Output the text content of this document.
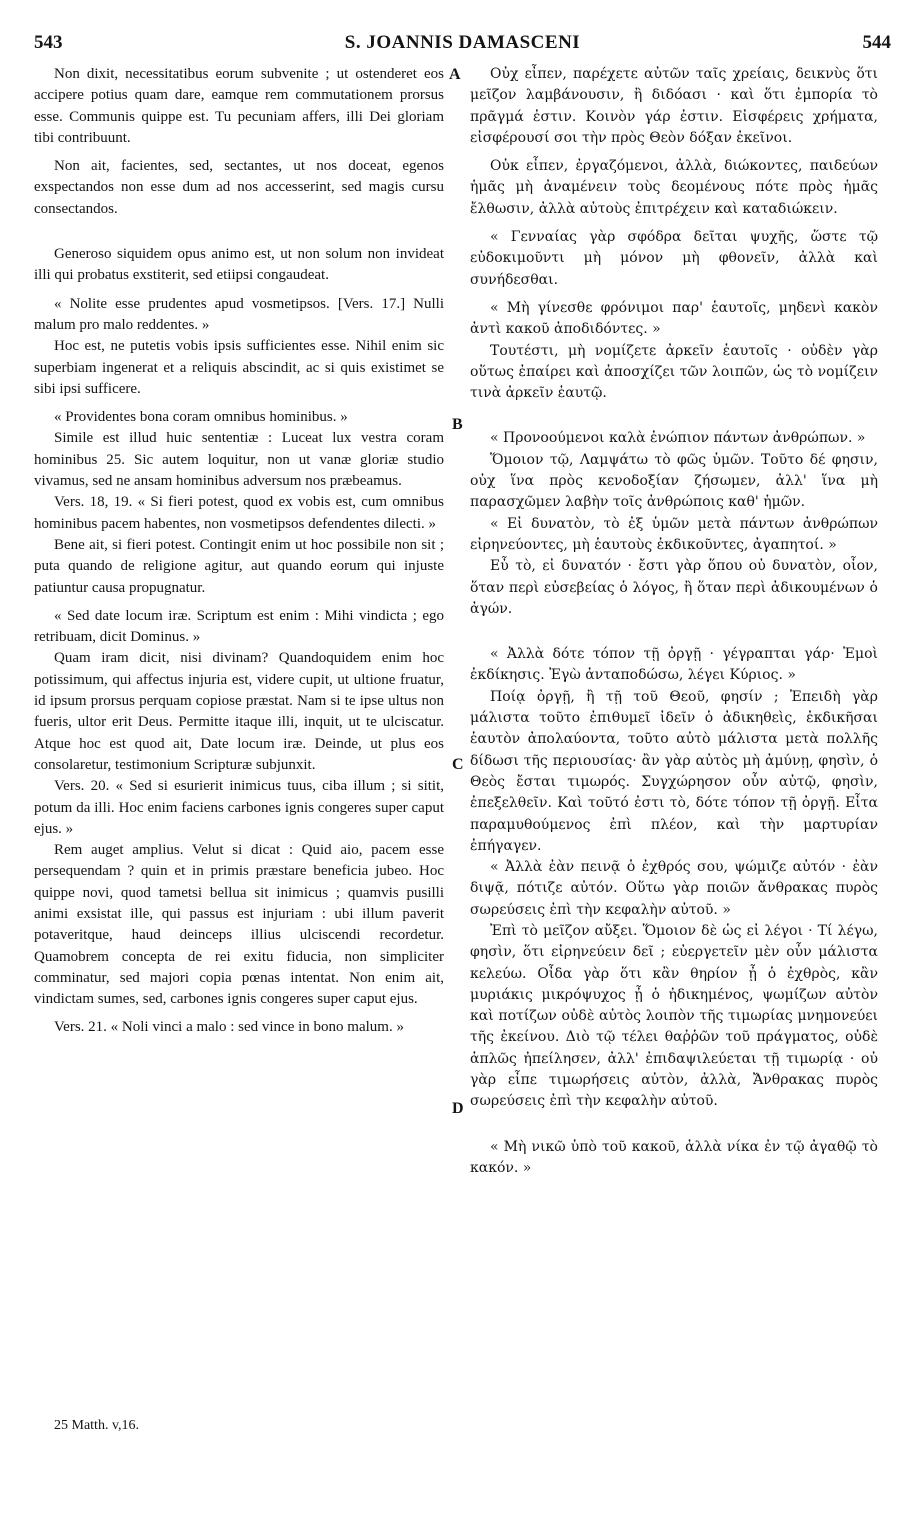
543	S. JOANNIS DAMASCENI	544

Non dixit, necessitatibus eorum subvenite ; ut ostenderet eos accipere potius quam dare, eamque rem commutationem prorsus esse. Communis quippe est. Tu pecuniam affers, illi Dei gloriam tibi contribuunt.

Non ait, facientes, sed, sectantes, ut nos doceat, egenos exspectandos non esse dum ad nos accesserint, sed magis cursu consectandos.

Generoso siquidem opus animo est, ut non solum non invideat illi qui probatus exstiterit, sed etiipsi congaudeat.

« Nolite esse prudentes apud vosmetipsos. [Vers. 17.] Nulli malum pro malo reddentes. »

Hoc est, ne putetis vobis ipsis sufficientes esse. Nihil enim sic superbiam ingenerat et a reliquis abscindit, ac si quis existimet se sibi ipsi sufficere.

« Providentes bona coram omnibus hominibus. »

Simile est illud huic sententiæ : Luceat lux vestra coram hominibus 25. Sic autem loquitur, non ut vanæ gloriæ studio vivamus, sed ne ansam hominibus adversum nos præbeamus.

Vers. 18, 19. « Si fieri potest, quod ex vobis est, cum omnibus hominibus pacem habentes, non vosmetipsos defendentes dilecti. »

Bene ait, si fieri potest. Contingit enim ut hoc possibile non sit ; puta quando de religione agitur, aut quando eorum qui injuste patiuntur causa propugnatur.

« Sed date locum iræ. Scriptum est enim : Mihi vindicta ; ego retribuam, dicit Dominus. »

Quam iram dicit, nisi divinam? Quandoquidem enim hoc potissimum, qui affectus injuria est, videre cupit, ut ultione fruatur, id ipsum prorsus perquam copiose præstat. Nam si te ipse ultus non fueris, ultor erit Deus. Permitte itaque illi, inquit, ut te ulciscatur. Atque hoc est quod ait, Date locum iræ. Deinde, ut plus eos consolaretur, testimonium Scripturæ subjunxit.

Vers. 20. « Sed si esurierit inimicus tuus, ciba illum ; si sitit, potum da illi. Hoc enim faciens carbones ignis congeres super caput ejus. »

Rem auget amplius. Velut si dicat : Quid aio, pacem esse persequendam ? quin et in primis præstare beneficia jubeo. Hoc quippe novi, quod tametsi bellua sit inimicus ; quamvis pusilli animi exsistat ille, qui passus est injuriam : ubi illum paverit potaveritque, haud deinceps illius ulciscendi recordetur. Quamobrem concepta de rei exitu fiducia, non simpliciter comminatur, sed majori copia pœnas intentat. Non enim ait, vindictam sumes, sed, carbones ignis congeres super caput ejus.

Vers. 21. « Noli vinci a malo : sed vince in bono malum. »

Οὐχ εἶπεν, παρέχετε αὐτῶν ταῖς χρείαις, δεικνὺς ὅτι μεῖζον λαμβάνουσιν, ἢ διδόασι · καὶ ὅτι ἐμπορία τὸ πρᾶγμά ἐστιν. Κοινὸν γάρ ἐστιν. Εἰσφέρεις χρήματα, εἰσφέρουσί σοι τὴν πρὸς Θεὸν δόξαν ἐκεῖνοι.

Οὐκ εἶπεν, ἐργαζόμενοι, ἀλλὰ, διώκοντες, παιδεύων ἡμᾶς μὴ ἀναμένειν τοὺς δεομένους πότε πρὸς ἡμᾶς ἔλθωσιν, ἀλλὰ αὐτοὺς ἐπιτρέχειν καὶ καταδιώκειν.

« Γενναίας γὰρ σφόδρα δεῖται ψυχῆς, ὥστε τῷ εὐδοκιμοῦντι μὴ μόνον μὴ φθονεῖν, ἀλλὰ καὶ συνήδεσθαι.

« Μὴ γίνεσθε φρόνιμοι παρ' ἑαυτοῖς, μηδενὶ κακὸν ἀντὶ κακοῦ ἀποδιδόντες. »

Τουτέστι, μὴ νομίζετε ἀρκεῖν ἑαυτοῖς · οὐδὲν γὰρ οὕτως ἐπαίρει καὶ ἀποσχίζει τῶν λοιπῶν, ὡς τὸ νομίζειν τινὰ ἀρκεῖν ἑαυτῷ.

« Προνοούμενοι καλὰ ἐνώπιον πάντων ἀνθρώπων. »

Ὅμοιον τῷ, Λαμψάτω τὸ φῶς ὑμῶν. Τοῦτο δέ φησιν, οὐχ ἵνα πρὸς κενοδοξίαν ζήσωμεν, ἀλλ' ἵνα μὴ παρασχῶμεν λαβὴν τοῖς ἀνθρώποις καθ' ἡμῶν.

« Εἰ δυνατὸν, τὸ ἐξ ὑμῶν μετὰ πάντων ἀνθρώπων εἰρηνεύοντες, μὴ ἑαυτοὺς ἐκδικοῦντες, ἀγαπητοί. »

Εὖ τὸ, εἰ δυνατόν · ἔστι γὰρ ὅπου οὐ δυνατὸν, οἷον, ὅταν περὶ εὐσεβείας ὁ λόγος, ἢ ὅταν περὶ ἀδικουμένων ὁ ἀγών.

« Ἀλλὰ δότε τόπον τῇ ὀργῇ · γέγραπται γάρ· Ἐμοὶ ἐκδίκησις. Ἐγὼ ἀνταποδώσω, λέγει Κύριος. »

Ποίᾳ ὀργῇ, ἢ τῇ τοῦ Θεοῦ, φησίν ; Ἐπειδὴ γὰρ μάλιστα τοῦτο ἐπιθυμεῖ ἰδεῖν ὁ ἀδικηθεὶς, ἐκδικῆσαι ἑαυτὸν ἀπολαύοντα, τοῦτο αὐτὸ μάλιστα μετὰ πολλῆς δίδωσι τῆς περιουσίας· ἂν γὰρ αὐτὸς μὴ ἀμύνῃ, φησὶν, ὁ Θεὸς ἔσται τιμωρός. Συγχώρησον οὖν αὐτῷ, φησὶν, ἐπεξελθεῖν. Καὶ τοῦτό ἐστι τὸ, δότε τόπον τῇ ὀργῇ. Εἶτα παραμυθούμενος ἐπὶ πλέον, καὶ τὴν μαρτυρίαν ἐπήγαγεν.

« Ἀλλὰ ἐὰν πεινᾷ ὁ ἐχθρός σου, ψώμιζε αὐτόν · ἐὰν διψᾷ, πότιζε αὐτόν. Οὕτω γὰρ ποιῶν ἄνθρακας πυρὸς σωρεύσεις ἐπὶ τὴν κεφαλὴν αὐτοῦ. »

Ἐπὶ τὸ μεῖζον αὔξει. Ὅμοιον δὲ ὡς εἰ λέγοι · Τί λέγω, φησὶν, ὅτι εἰρηνεύειν δεῖ ; εὐεργετεῖν μὲν οὖν μάλιστα κελεύω. Οἶδα γὰρ ὅτι κἂν θηρίον ᾖ ὁ ἐχθρὸς, κἂν μυριάκις μικρόψυχος ᾖ ὁ ἠδικημένος, ψωμίζων αὐτὸν καὶ ποτίζων οὐδὲ αὐτὸς λοιπὸν τῆς τιμωρίας μνημονεύει τῆς ἐκείνου. Διὸ τῷ τέλει θαῤῥῶν τοῦ πράγματος, οὐδὲ ἁπλῶς ἠπείλησεν, ἀλλ' ἐπιδαψιλεύεται τῇ τιμωρίᾳ · οὐ γὰρ εἶπε τιμωρήσεις αὐτὸν, ἀλλὰ, Ἄνθρακας πυρὸς σωρεύσεις ἐπὶ τὴν κεφαλὴν αὐτοῦ.

« Μὴ νικῶ ὑπὸ τοῦ κακοῦ, ἀλλὰ νίκα ἐν τῷ ἀγαθῷ τὸ κακόν. »

A
B
C
D
25 Matth. v,16.
